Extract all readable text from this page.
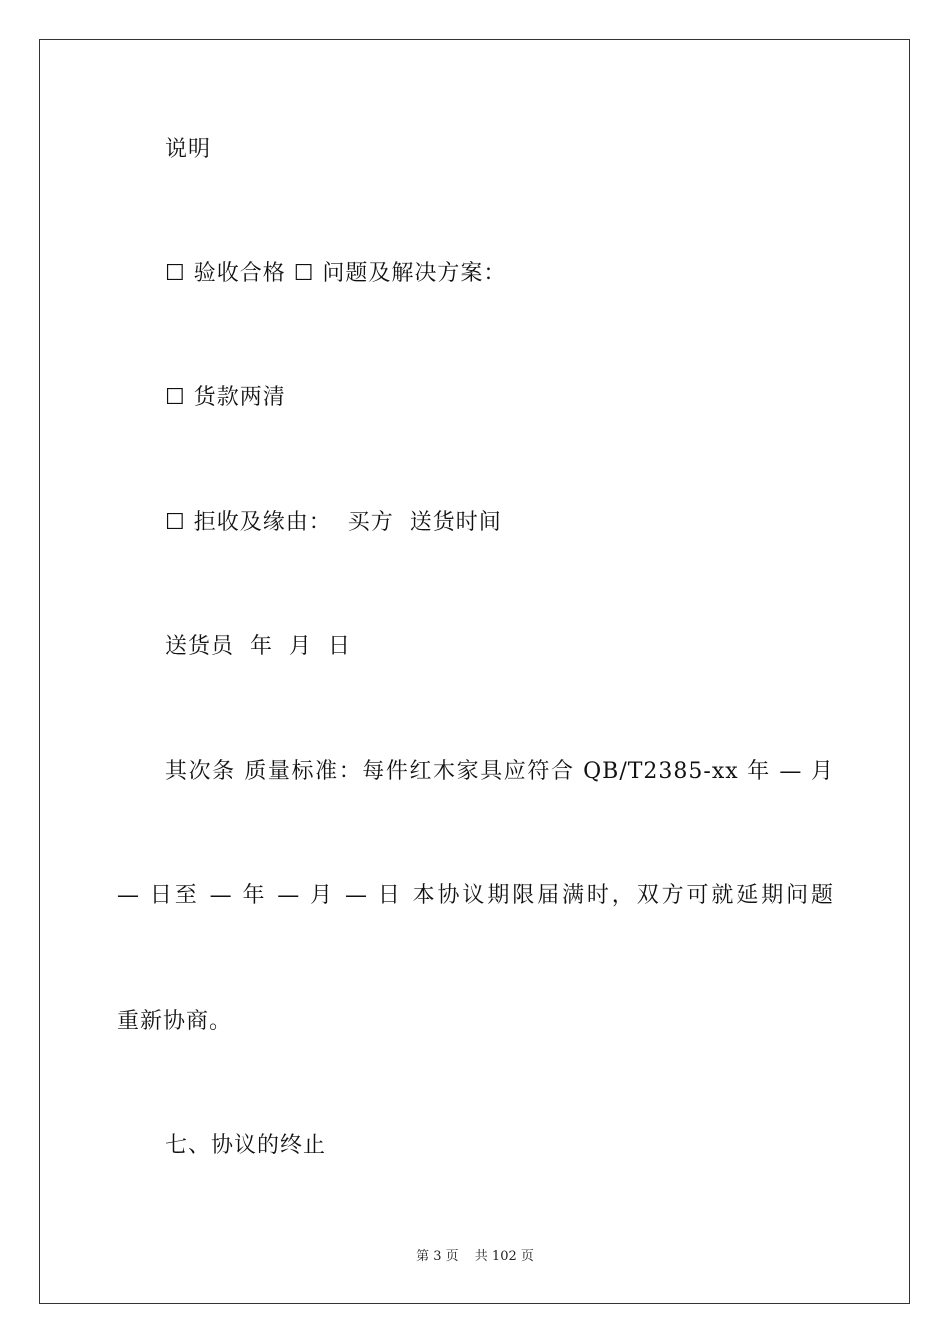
说明
☐ 验收合格 ☐ 问题及解决方案：
☐ 货款两清
☐ 拒收及缘由：  买方  送货时间
送货员  年  月  日
其次条 质量标准：每件红木家具应符合 QB/T2385-xx 年 — 月
— 日至 — 年 — 月 — 日 本协议期限届满时，双方可就延期问题
重新协商。
七、协议的终止
第 3 页 共 102 页
